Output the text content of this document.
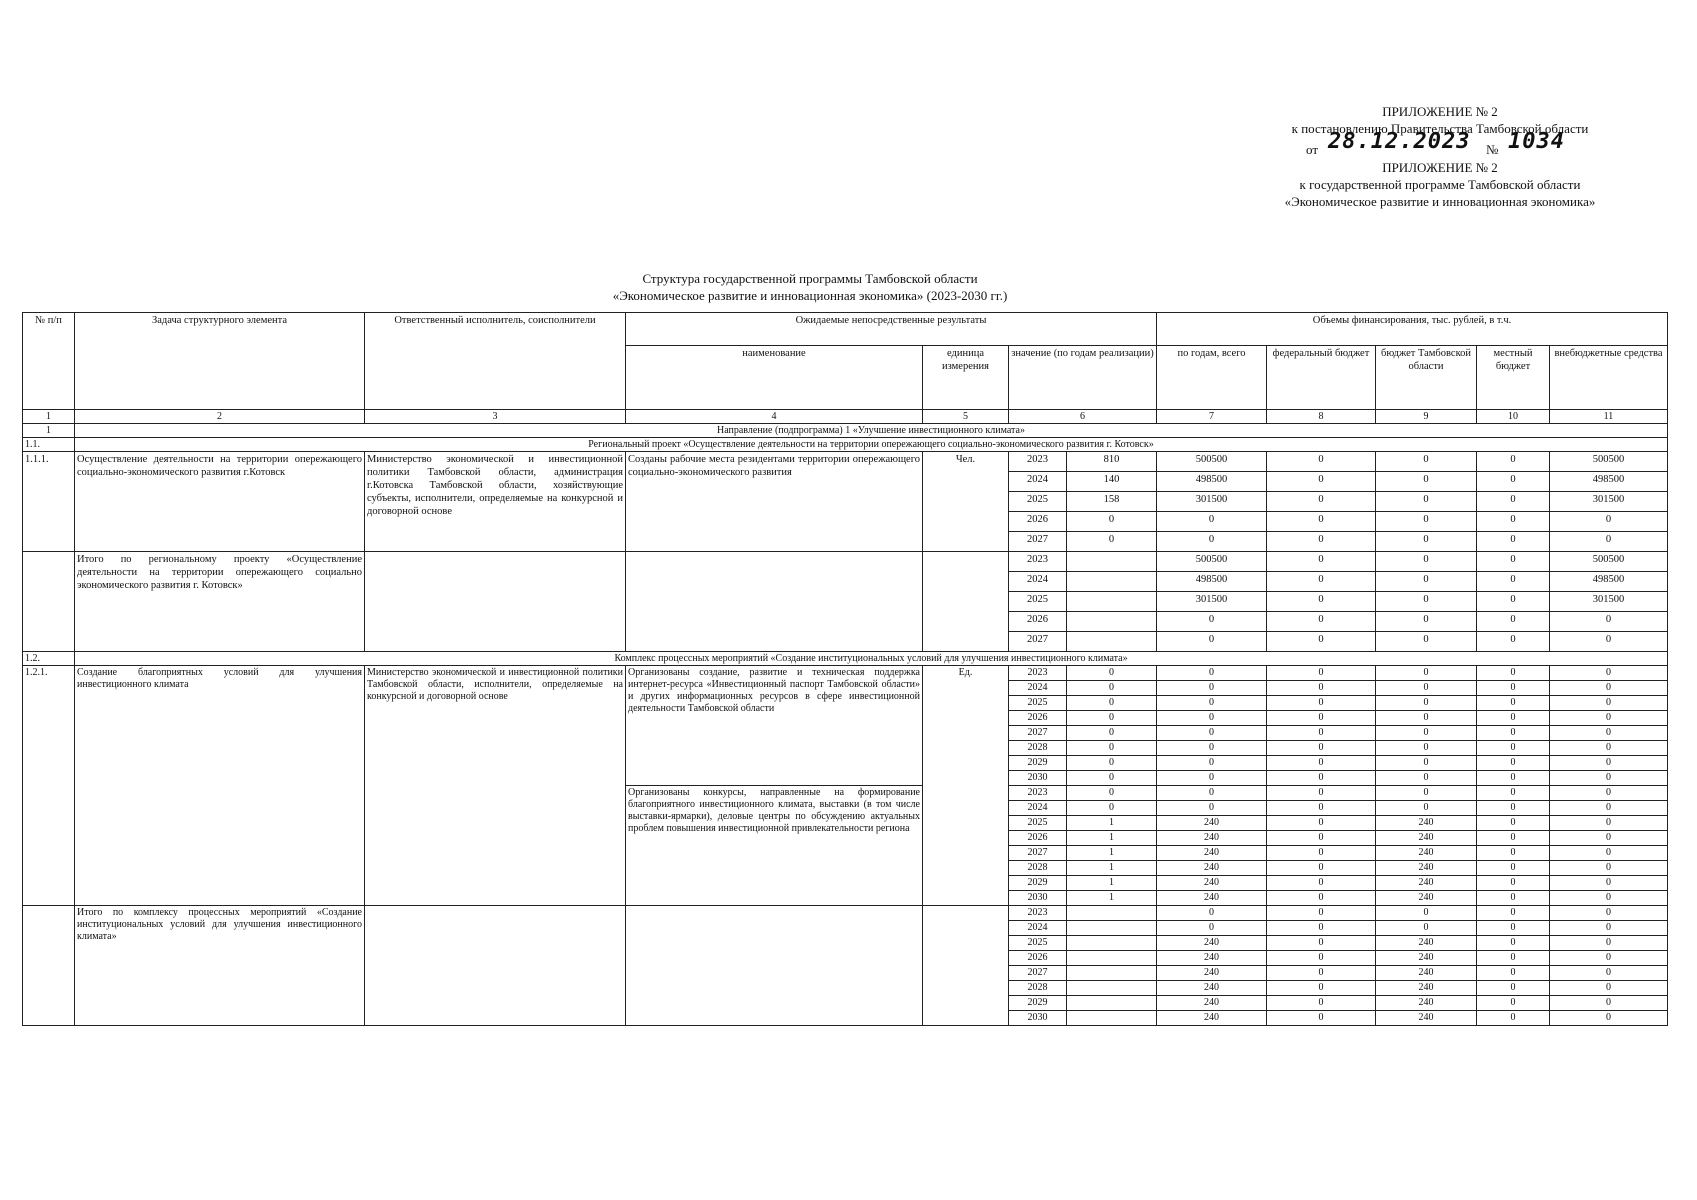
ПРИЛОЖЕНИЕ № 2
к постановлению Правительства Тамбовской области
от 28.12.2023 № 1034
ПРИЛОЖЕНИЕ № 2
к государственной программе Тамбовской области
«Экономическое развитие и инновационная экономика»
Структура государственной программы Тамбовской области
«Экономическое развитие и инновационная экономика» (2023-2030 гг.)
№ п/п	Задача структурного элемента	Ответственный исполнитель, соисполнители	Ожидаемые непосредственные результаты				Объемы финансирования, тыс. рублей, в т.ч.				
			наименование	единица измерения	значение (по годам реализации)		по годам, всего	федеральный бюджет	бюджет Тамбовской области	местный бюджет	внебюджетные средства
1	2	3	4	5	6		7	8	9	10	11
1	Направление (подпрограмма) 1 «Улучшение инвестиционного климата»										
1.1.	Региональный проект «Осуществление деятельности на территории опережающего социально-экономического развития г. Котовск»										
1.1.1.	Осуществление деятельности на территории опережающего социально-экономического развития г.Котовск	Министерство экономической и инвестиционной политики Тамбовской области, администрация г.Котовска Тамбовской области, хозяйствующие субъекты, исполнители, определяемые на конкурсной и договорной основе	Созданы рабочие места резидентами территории опережающего социально-экономического развития	Чел.	2023	810	500500	0	0	0	500500
					2024	140	498500	0	0	0	498500
					2025	158	301500	0	0	0	301500
					2026	0	0	0	0	0	0
					2027	0	0	0	0	0	0
	Итого по региональному проекту «Осуществление деятельности на территории опережающего социально экономического развития г. Котовск»				2023		500500	0	0	0	500500
					2024		498500	0	0	0	498500
					2025		301500	0	0	0	301500
					2026		0	0	0	0	0
					2027		0	0	0	0	0
1.2.	Комплекс процессных мероприятий «Создание институциональных условий для улучшения инвестиционного климата»										
1.2.1.	Создание благоприятных условий для улучшения инвестиционного климата	Министерство экономической и инвестиционной политики Тамбовской области, исполнители, определяемые на конкурсной и договорной основе	Организованы создание, развитие и техническая поддержка интернет-ресурса «Инвестиционный паспорт Тамбовской области» и других информационных ресурсов в сфере инвестиционной деятельности Тамбовской области	Ед.	2023	0	0	0	0	0	0
					2024	0	0	0	0	0	0
					2025	0	0	0	0	0	0
					2026	0	0	0	0	0	0
					2027	0	0	0	0	0	0
					2028	0	0	0	0	0	0
					2029	0	0	0	0	0	0
					2030	0	0	0	0	0	0
			Организованы конкурсы, направленные на формирование благоприятного инвестиционного климата, выставки (в том числе выставки-ярмарки), деловые центры по обсуждению актуальных проблем повышения инвестиционной привлекательности региона		2023	0	0	0	0	0	0
					2024	0	0	0	0	0	0
					2025	1	240	0	240	0	0
					2026	1	240	0	240	0	0
					2027	1	240	0	240	0	0
					2028	1	240	0	240	0	0
					2029	1	240	0	240	0	0
					2030	1	240	0	240	0	0
	Итого по комплексу процессных мероприятий «Создание институциональных условий для улучшения инвестиционного климата»				2023		0	0	0	0	0
					2024		0	0	0	0	0
					2025		240	0	240	0	0
					2026		240	0	240	0	0
					2027		240	0	240	0	0
					2028		240	0	240	0	0
					2029		240	0	240	0	0
					2030		240	0	240	0	0
